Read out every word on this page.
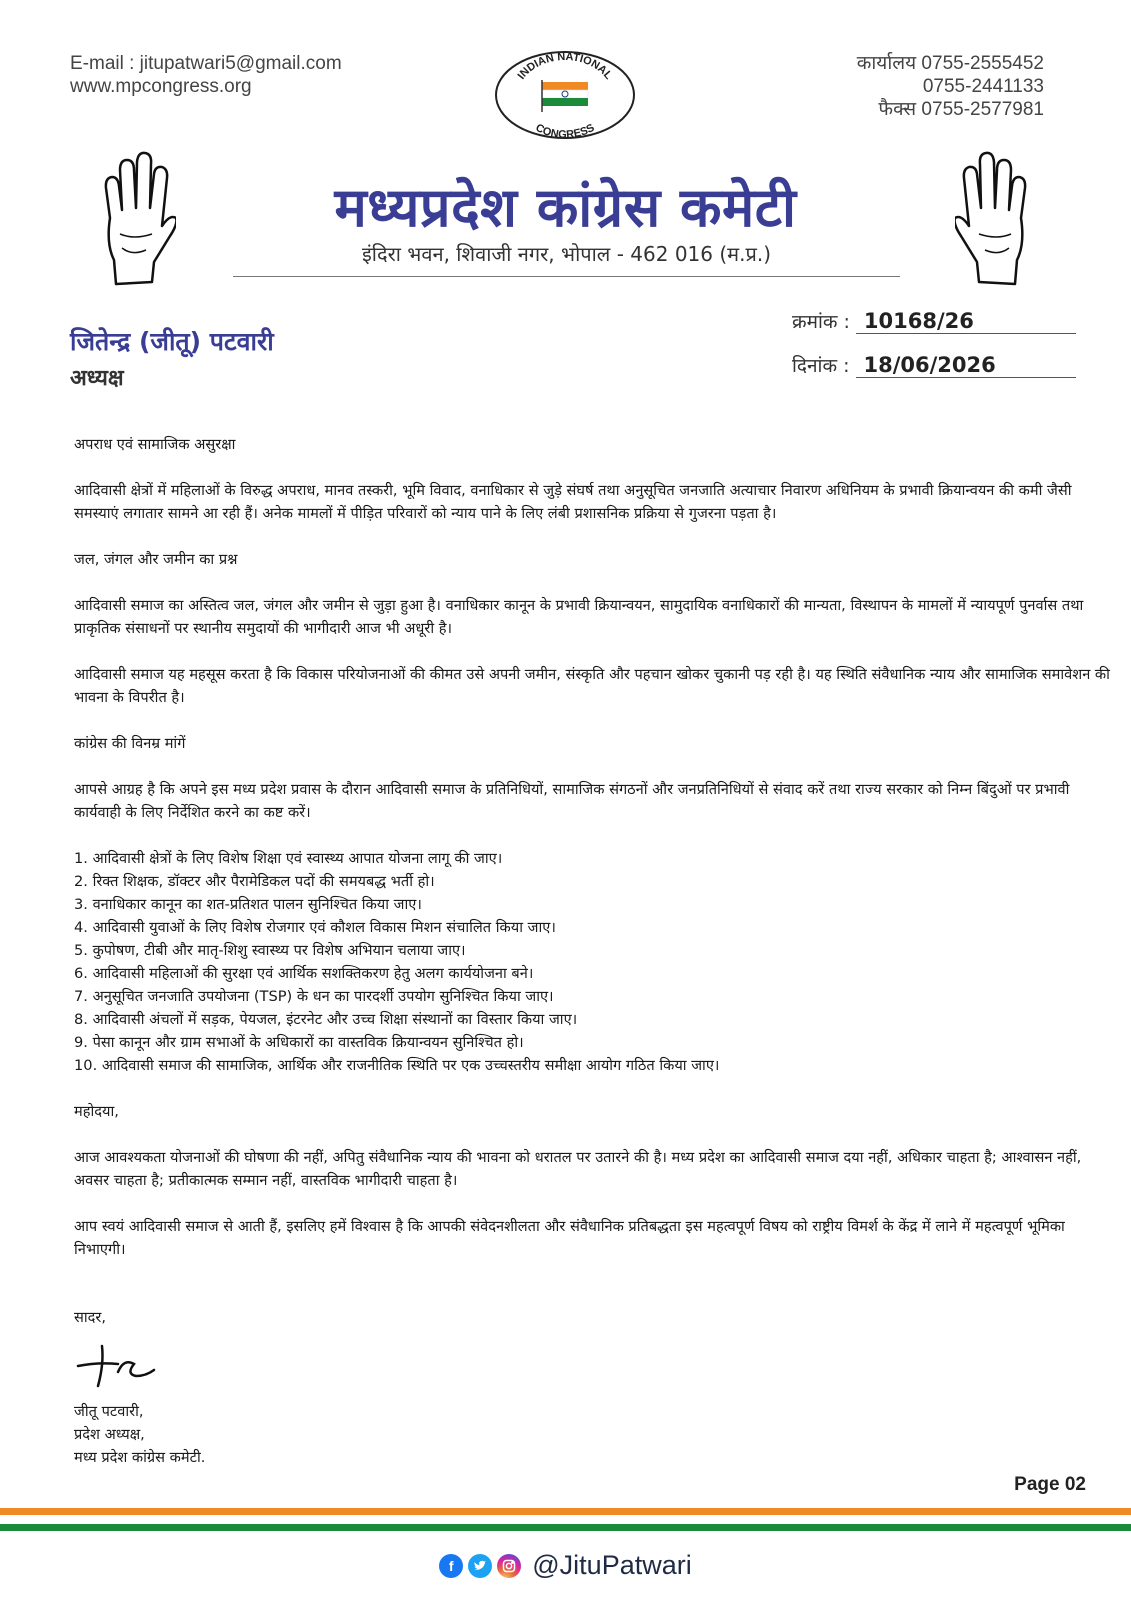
E-mail : jitupatwari5@gmail.com
www.mpcongress.org
कार्यालय 0755-2555452
0755-2441133
फैक्स 0755-2577981
INDIAN NATIONAL
CONGRESS
मध्यप्रदेश कांग्रेस कमेटी
इंदिरा भवन, शिवाजी नगर, भोपाल - 462 016 (म.प्र.)
जितेन्द्र (जीतू) पटवारी
अध्यक्ष
क्रमांक : 10168/26
दिनांक : 18/06/2026

अपराध एवं सामाजिक असुरक्षा

आदिवासी क्षेत्रों में महिलाओं के विरुद्ध अपराध, मानव तस्करी, भूमि विवाद, वनाधिकार से जुड़े संघर्ष तथा अनुसूचित जनजाति अत्याचार निवारण अधिनियम के प्रभावी क्रियान्वयन की कमी जैसी समस्याएं लगातार सामने आ रही हैं। अनेक मामलों में पीड़ित परिवारों को न्याय पाने के लिए लंबी प्रशासनिक प्रक्रिया से गुजरना पड़ता है।

जल, जंगल और जमीन का प्रश्न

आदिवासी समाज का अस्तित्व जल, जंगल और जमीन से जुड़ा हुआ है। वनाधिकार कानून के प्रभावी क्रियान्वयन, सामुदायिक वनाधिकारों की मान्यता, विस्थापन के मामलों में न्यायपूर्ण पुनर्वास तथा प्राकृतिक संसाधनों पर स्थानीय समुदायों की भागीदारी आज भी अधूरी है।

आदिवासी समाज यह महसूस करता है कि विकास परियोजनाओं की कीमत उसे अपनी जमीन, संस्कृति और पहचान खोकर चुकानी पड़ रही है। यह स्थिति संवैधानिक न्याय और सामाजिक समावेशन की भावना के विपरीत है।

कांग्रेस की विनम्र मांगें

आपसे आग्रह है कि अपने इस मध्य प्रदेश प्रवास के दौरान आदिवासी समाज के प्रतिनिधियों, सामाजिक संगठनों और जनप्रतिनिधियों से संवाद करें तथा राज्य सरकार को निम्न बिंदुओं पर प्रभावी कार्यवाही के लिए निर्देशित करने का कष्ट करें।

1. आदिवासी क्षेत्रों के लिए विशेष शिक्षा एवं स्वास्थ्य आपात योजना लागू की जाए।
2. रिक्त शिक्षक, डॉक्टर और पैरामेडिकल पदों की समयबद्ध भर्ती हो।
3. वनाधिकार कानून का शत-प्रतिशत पालन सुनिश्चित किया जाए।
4. आदिवासी युवाओं के लिए विशेष रोजगार एवं कौशल विकास मिशन संचालित किया जाए।
5. कुपोषण, टीबी और मातृ-शिशु स्वास्थ्य पर विशेष अभियान चलाया जाए।
6. आदिवासी महिलाओं की सुरक्षा एवं आर्थिक सशक्तिकरण हेतु अलग कार्ययोजना बने।
7. अनुसूचित जनजाति उपयोजना (TSP) के धन का पारदर्शी उपयोग सुनिश्चित किया जाए।
8. आदिवासी अंचलों में सड़क, पेयजल, इंटरनेट और उच्च शिक्षा संस्थानों का विस्तार किया जाए।
9. पेसा कानून और ग्राम सभाओं के अधिकारों का वास्तविक क्रियान्वयन सुनिश्चित हो।
10. आदिवासी समाज की सामाजिक, आर्थिक और राजनीतिक स्थिति पर एक उच्चस्तरीय समीक्षा आयोग गठित किया जाए।

महोदया,

आज आवश्यकता योजनाओं की घोषणा की नहीं, अपितु संवैधानिक न्याय की भावना को धरातल पर उतारने की है। मध्य प्रदेश का आदिवासी समाज दया नहीं, अधिकार चाहता है; आश्वासन नहीं, अवसर चाहता है; प्रतीकात्मक सम्मान नहीं, वास्तविक भागीदारी चाहता है।

आप स्वयं आदिवासी समाज से आती हैं, इसलिए हमें विश्वास है कि आपकी संवेदनशीलता और संवैधानिक प्रतिबद्धता इस महत्वपूर्ण विषय को राष्ट्रीय विमर्श के केंद्र में लाने में महत्वपूर्ण भूमिका निभाएगी।

सादर,
जीतू पटवारी,
प्रदेश अध्यक्ष,
मध्य प्रदेश कांग्रेस कमेटी.
Page 02
f	@JituPatwari
